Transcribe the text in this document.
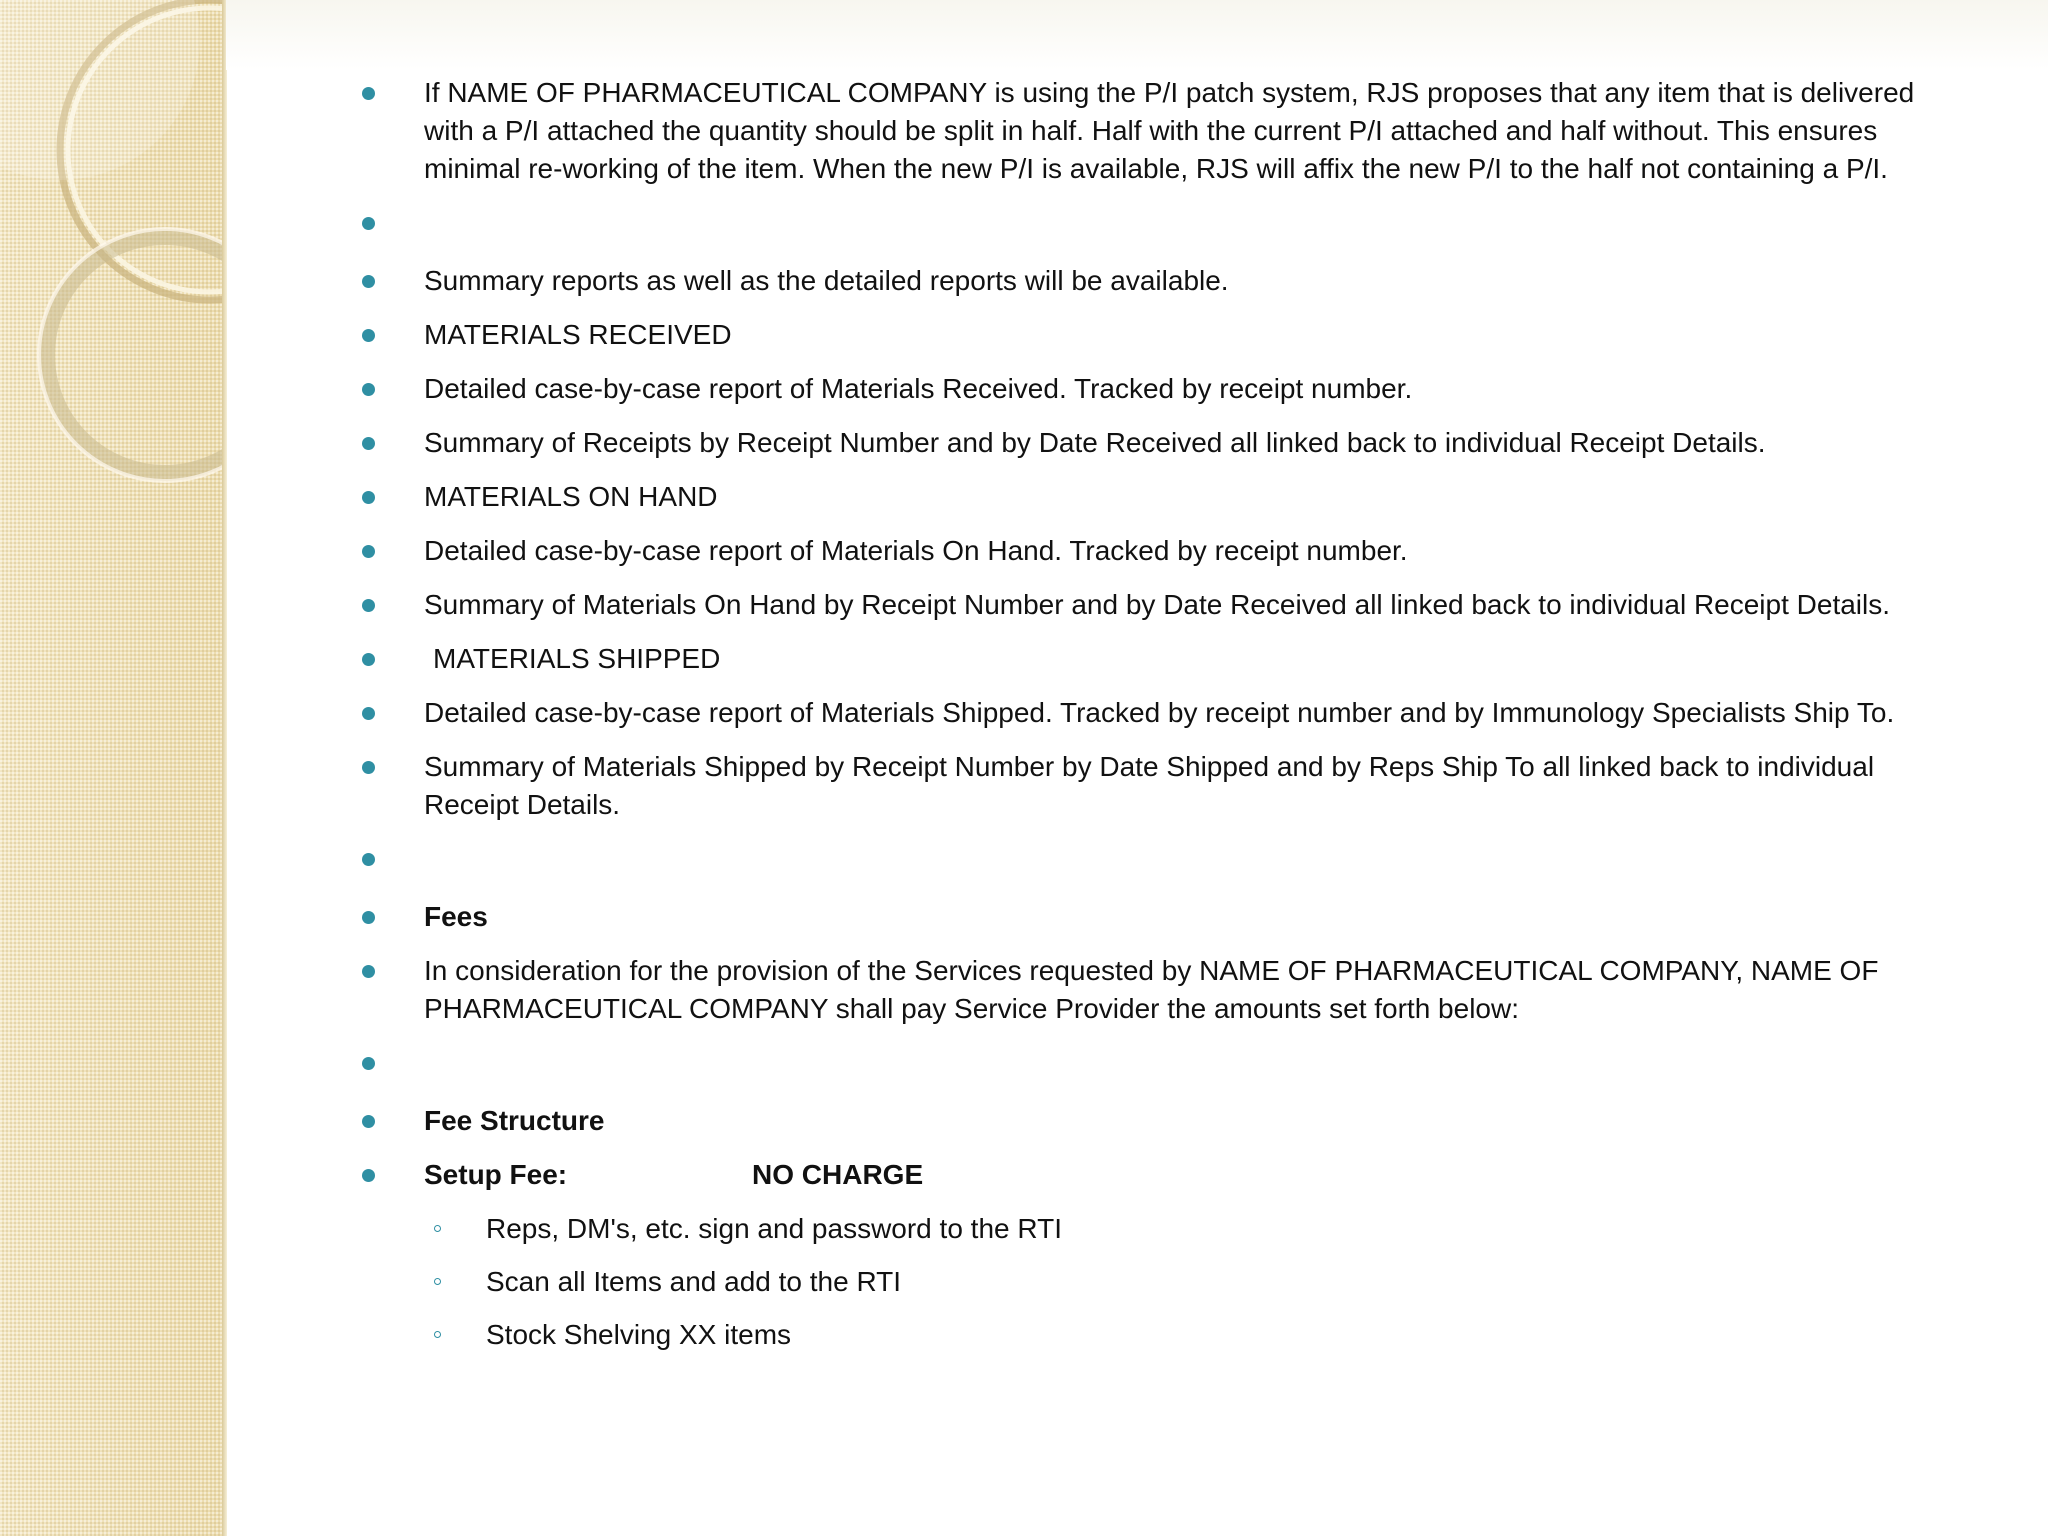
If NAME OF PHARMACEUTICAL COMPANY is using the P/I patch system, RJS proposes that any item that is delivered with a P/I attached the quantity should be split in half. Half with the current P/I attached and half without. This ensures minimal re-working of the item. When the new P/I is available, RJS will affix the new P/I to the half not containing a P/I.
Summary reports as well as the detailed reports will be available.
MATERIALS RECEIVED
Detailed case-by-case report of Materials Received. Tracked by receipt number.
Summary of Receipts by Receipt Number and by Date Received all linked back to individual Receipt Details.
MATERIALS ON HAND
Detailed case-by-case report of Materials On Hand. Tracked by receipt number.
Summary of Materials On Hand by Receipt Number and by Date Received all linked back to individual Receipt Details.
MATERIALS SHIPPED
Detailed case-by-case report of Materials Shipped. Tracked by receipt number and by Immunology Specialists Ship To.
Summary of Materials Shipped by Receipt Number by Date Shipped and by Reps Ship To all linked back to individual Receipt Details.
Fees
In consideration for the provision of the Services requested by NAME OF PHARMACEUTICAL COMPANY, NAME OF PHARMACEUTICAL COMPANY shall pay Service Provider the amounts set forth below:
Fee Structure
Setup Fee:	NO CHARGE
Reps, DM's, etc. sign and password to the RTI
Scan all Items and add to the RTI
Stock Shelving XX items
